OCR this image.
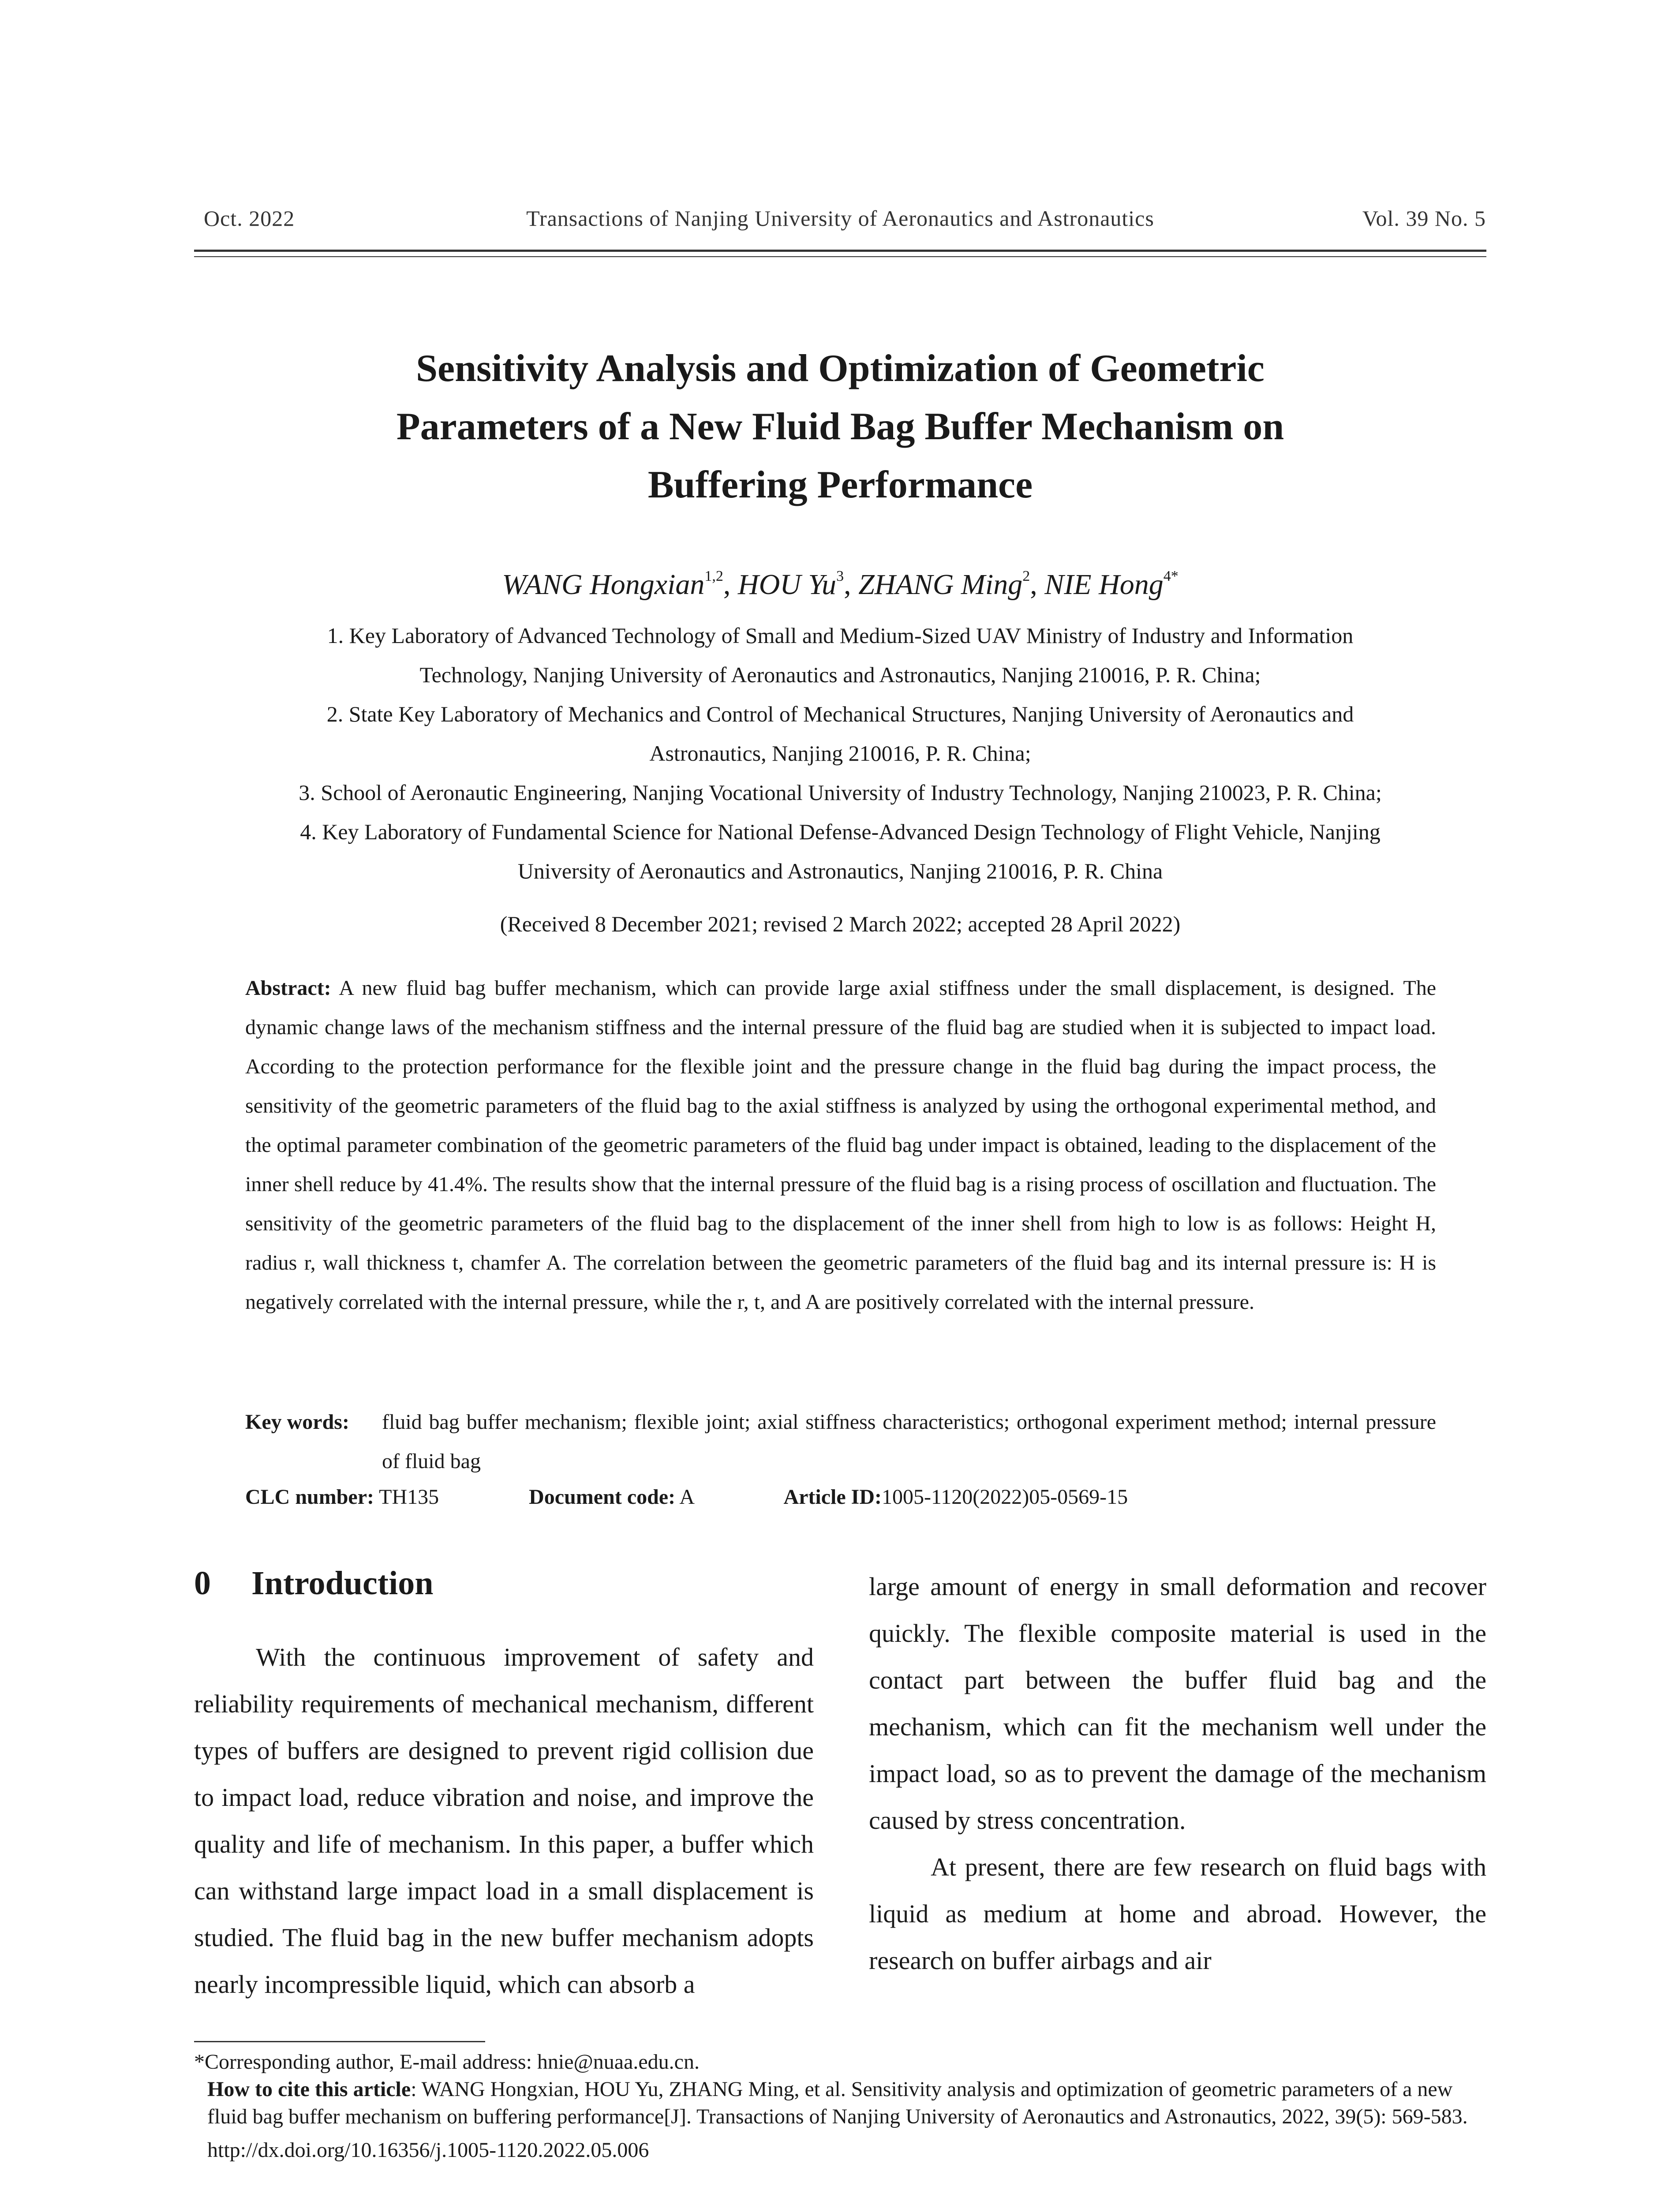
Oct. 2022	Transactions of Nanjing University of Aeronautics and Astronautics	Vol. 39 No. 5
Sensitivity Analysis and Optimization of Geometric
Parameters of a New Fluid Bag Buffer Mechanism on
Buffering Performance
WANG Hongxian$^{1,2}$, HOU Yu$^3$, ZHANG Ming$^2$, NIE Hong$^{4*}$
1. Key Laboratory of Advanced Technology of Small and Medium-Sized UAV Ministry of Industry and Information
Technology, Nanjing University of Aeronautics and Astronautics, Nanjing 210016, P. R. China;
2. State Key Laboratory of Mechanics and Control of Mechanical Structures, Nanjing University of Aeronautics and
Astronautics, Nanjing 210016, P. R. China;
3. School of Aeronautic Engineering, Nanjing Vocational University of Industry Technology, Nanjing 210023, P. R. China;
4. Key Laboratory of Fundamental Science for National Defense-Advanced Design Technology of Flight Vehicle, Nanjing
University of Aeronautics and Astronautics, Nanjing 210016, P. R. China
(Received 8 December 2021; revised 2 March 2022; accepted 28 April 2022)
Abstract: A new fluid bag buffer mechanism, which can provide large axial stiffness under the small displacement, is designed. The dynamic change laws of the mechanism stiffness and the internal pressure of the fluid bag are studied when it is subjected to impact load. According to the protection performance for the flexible joint and the pressure change in the fluid bag during the impact process, the sensitivity of the geometric parameters of the fluid bag to the axial stiffness is analyzed by using the orthogonal experimental method, and the optimal parameter combination of the geometric parameters of the fluid bag under impact is obtained, leading to the displacement of the inner shell reduce by 41.4%. The results show that the internal pressure of the fluid bag is a rising process of oscillation and fluctuation. The sensitivity of the geometric parameters of the fluid bag to the displacement of the inner shell from high to low is as follows: Height H, radius r, wall thickness t, chamfer A. The correlation between the geometric parameters of the fluid bag and its internal pressure is: H is negatively correlated with the internal pressure, while the r, t, and A are positively correlated with the internal pressure.
Key words: fluid bag buffer mechanism; flexible joint; axial stiffness characteristics; orthogonal experiment method; internal pressure of fluid bag
CLC number: TH135	Document code: A	Article ID:1005-1120(2022)05-0569-15
0 Introduction

With the continuous improvement of safety and reliability requirements of mechanical mechanism, different types of buffers are designed to prevent rigid collision due to impact load, reduce vibration and noise, and improve the quality and life of mechanism. In this paper, a buffer which can withstand large impact load in a small displacement is studied. The fluid bag in the new buffer mechanism adopts nearly incompressible liquid, which can absorb a

large amount of energy in small deformation and recover quickly. The flexible composite material is used in the contact part between the buffer fluid bag and the mechanism, which can fit the mechanism well under the impact load, so as to prevent the damage of the mechanism caused by stress concentration.

At present, there are few research on fluid bags with liquid as medium at home and abroad. However, the research on buffer airbags and air

*Corresponding author, E-mail address: hnie@nuaa.edu.cn.

How to cite this article: WANG Hongxian, HOU Yu, ZHANG Ming, et al. Sensitivity analysis and optimization of geometric parameters of a new fluid bag buffer mechanism on buffering performance[J]. Transactions of Nanjing University of Aeronautics and Astronautics, 2022, 39(5): 569-583.

http://dx.doi.org/10.16356/j.1005-1120.2022.05.006
